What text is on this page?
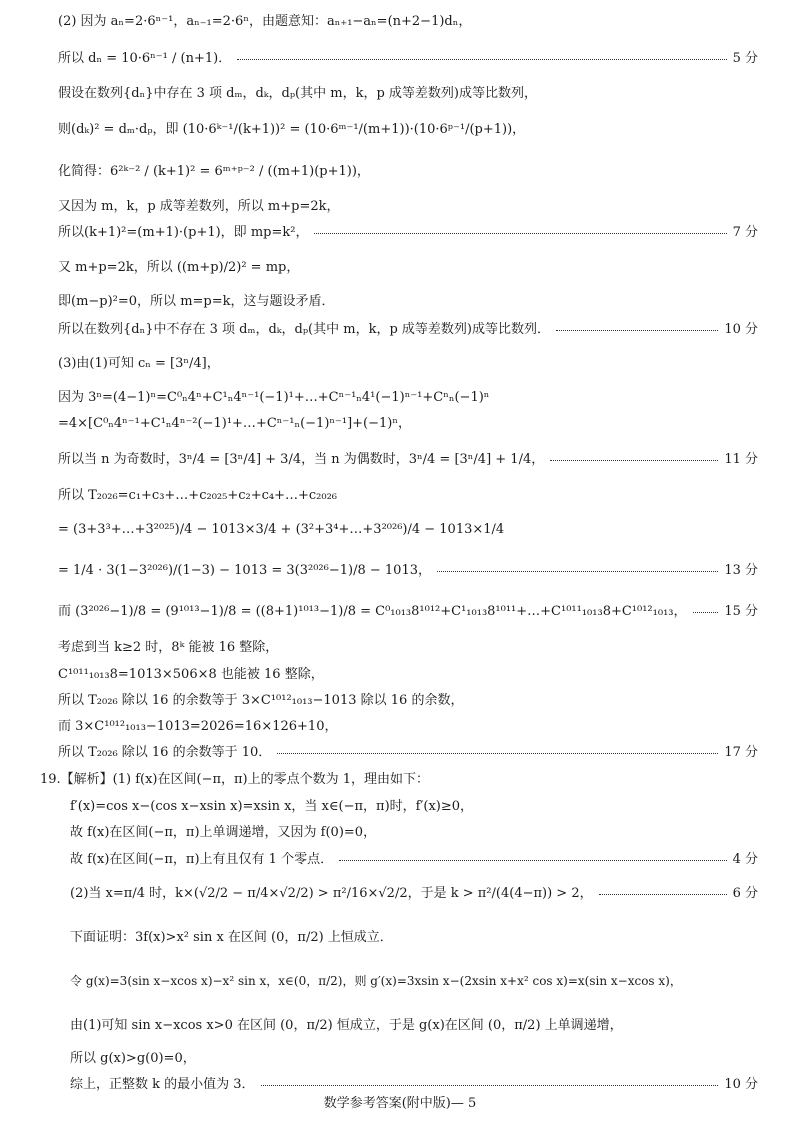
(2) 因为 aₙ=2·6ⁿ⁻¹，aₙ₋₁=2·6ⁿ，由题意知：aₙ₊₁−aₙ=(n+2−1)dₙ，
所以 dₙ = 10·6ⁿ⁻¹ / (n+1)．	5 分
假设在数列{dₙ}中存在 3 项 dₘ，dₖ，dₚ(其中 m，k，p 成等差数列)成等比数列，
则(dₖ)² = dₘ·dₚ，即 (10·6ᵏ⁻¹/(k+1))² = (10·6ᵐ⁻¹/(m+1))·(10·6ᵖ⁻¹/(p+1))，
化简得：6²ᵏ⁻² / (k+1)² = 6ᵐ⁺ᵖ⁻² / ((m+1)(p+1))，
又因为 m，k，p 成等差数列，所以 m+p=2k，
所以(k+1)²=(m+1)·(p+1)，即 mp=k²，	7 分
又 m+p=2k，所以 ((m+p)/2)² = mp，
即(m−p)²=0，所以 m=p=k，这与题设矛盾．
所以在数列{dₙ}中不存在 3 项 dₘ，dₖ，dₚ(其中 m，k，p 成等差数列)成等比数列．	10 分
(3)由(1)可知 cₙ = [3ⁿ/4]，
因为 3ⁿ=(4−1)ⁿ=C⁰ₙ4ⁿ+C¹ₙ4ⁿ⁻¹(−1)¹+…+Cⁿ⁻¹ₙ4¹(−1)ⁿ⁻¹+Cⁿₙ(−1)ⁿ
=4×[C⁰ₙ4ⁿ⁻¹+C¹ₙ4ⁿ⁻²(−1)¹+…+Cⁿ⁻¹ₙ(−1)ⁿ⁻¹]+(−1)ⁿ，
所以当 n 为奇数时，3ⁿ/4 = [3ⁿ/4] + 3/4，当 n 为偶数时，3ⁿ/4 = [3ⁿ/4] + 1/4，	11 分
所以 T₂₀₂₆=c₁+c₃+…+c₂₀₂₅+c₂+c₄+…+c₂₀₂₆
= (3+3³+…+3²⁰²⁵)/4 − 1013×3/4 + (3²+3⁴+…+3²⁰²⁶)/4 − 1013×1/4
= 1/4 · 3(1−3²⁰²⁶)/(1−3) − 1013 = 3(3²⁰²⁶−1)/8 − 1013，	13 分
而 (3²⁰²⁶−1)/8 = (9¹⁰¹³−1)/8 = ((8+1)¹⁰¹³−1)/8 = C⁰₁₀₁₃8¹⁰¹²+C¹₁₀₁₃8¹⁰¹¹+…+C¹⁰¹¹₁₀₁₃8+C¹⁰¹²₁₀₁₃，	15 分
考虑到当 k≥2 时，8ᵏ 能被 16 整除，
C¹⁰¹¹₁₀₁₃8=1013×506×8 也能被 16 整除，
所以 T₂₀₂₆ 除以 16 的余数等于 3×C¹⁰¹²₁₀₁₃−1013 除以 16 的余数，
而 3×C¹⁰¹²₁₀₁₃−1013=2026=16×126+10，
所以 T₂₀₂₆ 除以 16 的余数等于 10．	17 分
19.【解析】(1) f(x)在区间(−π，π)上的零点个数为 1，理由如下：
f′(x)=cos x−(cos x−xsin x)=xsin x，当 x∈(−π，π)时，f′(x)≥0，
故 f(x)在区间(−π，π)上单调递增，又因为 f(0)=0，
故 f(x)在区间(−π，π)上有且仅有 1 个零点．	4 分
(2)当 x=π/4 时，k×(√2/2 − π/4×√2/2) > π²/16×√2/2，于是 k > π²/(4(4−π)) > 2，	6 分
下面证明：3f(x)>x² sin x 在区间 (0，π/2) 上恒成立．
令 g(x)=3(sin x−xcos x)−x² sin x，x∈(0，π/2)，则 g′(x)=3xsin x−(2xsin x+x² cos x)=x(sin x−xcos x)，
由(1)可知 sin x−xcos x>0 在区间 (0，π/2) 恒成立，于是 g(x)在区间 (0，π/2) 上单调递增，
所以 g(x)>g(0)=0，
综上，正整数 k 的最小值为 3．	10 分
数学参考答案(附中版)— 5
